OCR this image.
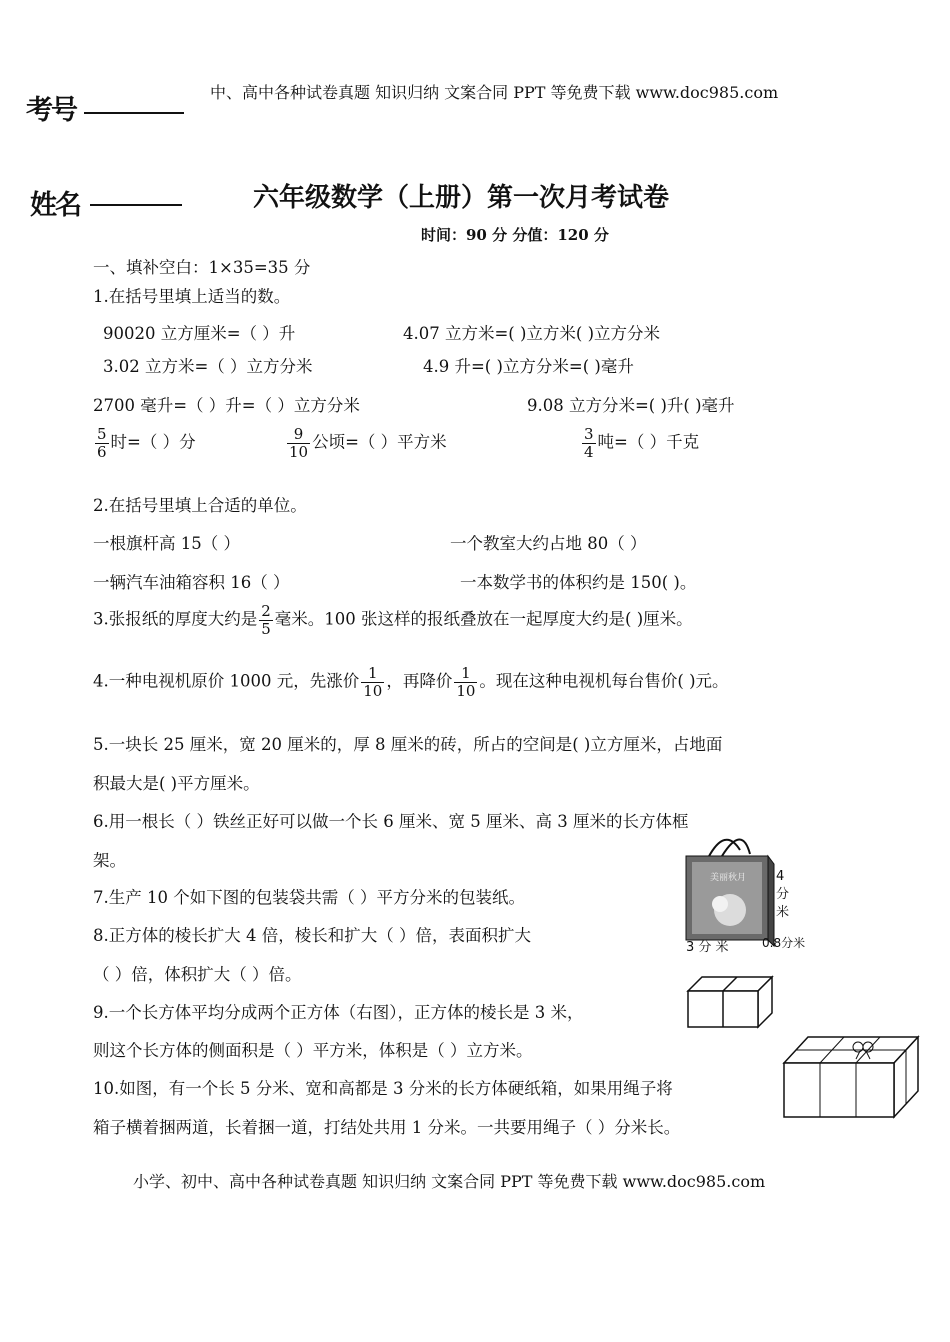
中、高中各种试卷真题 知识归纳 文案合同 PPT 等免费下载 www.doc985.com
考号
姓名	六年级数学（上册）第一次月考试卷
时间：90 分 分值：120 分
一、填补空白：1×35=35 分
1.在括号里填上适当的数。
90020 立方厘米=（ ）升	4.07 立方米=( )立方米( )立方分米
3.02 立方米=（ ）立方分米	4.9 升=( )立方分米=( )毫升
2700 毫升=（ ）升=（ ）立方分米	9.08 立方分米=( )升( )毫升
$\frac{5}{6}$ 时=（ ）分	$\frac{9}{10}$ 公顷=（ ）平方米	$\frac{3}{4}$ 吨=（ ）千克
2.在括号里填上合适的单位。
一根旗杆高 15（ ）	一个教室大约占地 80（ ）
一辆汽车油箱容积 16（ ）	一本数学书的体积约是 150( )。
3.张报纸的厚度大约是 $\frac{2}{5}$ 毫米。100 张这样的报纸叠放在一起厚度大约是( )厘米。
4.一种电视机原价 1000 元，先涨价 $\frac{1}{10}$ ，再降价 $\frac{1}{10}$ 。现在这种电视机每台售价( )元。
5.一块长 25 厘米，宽 20 厘米的，厚 8 厘米的砖，所占的空间是( )立方厘米，占地面
积最大是( )平方厘米。
6.用一根长（ ）铁丝正好可以做一个长 6 厘米、宽 5 厘米、高 3 厘米的长方体框
架。
7.生产 10 个如下图的包装袋共需（ ）平方分米的包装纸。
8.正方体的棱长扩大 4 倍，棱长和扩大（ ）倍，表面积扩大
（ ）倍，体积扩大（ ）倍。
9.一个长方体平均分成两个正方体（右图），正方体的棱长是 3 米，
则这个长方体的侧面积是（ ）平方米，体积是（ ）立方米。
10.如图，有一个长 5 分米、宽和高都是 3 分米的长方体硬纸箱，如果用绳子将
箱子横着捆两道，长着捆一道，打结处共用 1 分米。一共要用绳子（ ）分米长。
美丽秋月 4分米
3 分 米	0.8分米
小学、初中、高中各种试卷真题 知识归纳 文案合同 PPT 等免费下载 www.doc985.com
